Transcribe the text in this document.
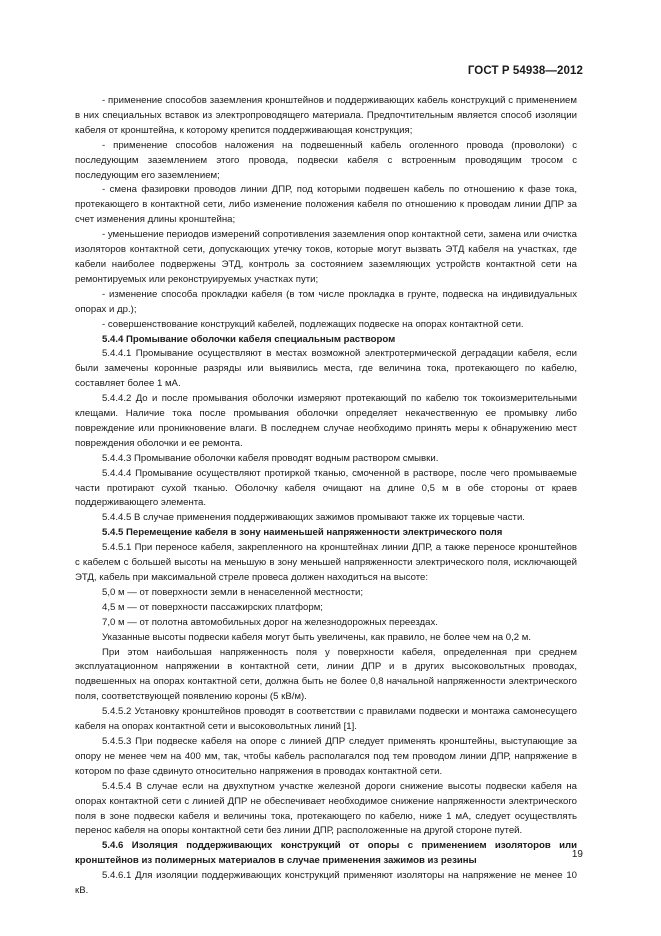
ГОСТ Р 54938—2012

- применение способов заземления кронштейнов и поддерживающих кабель конструкций с применением в них специальных вставок из электропроводящего материала. Предпочтительным является способ изоляции кабеля от кронштейна, к которому крепится поддерживающая конструкция;

- применение способов наложения на подвешенный кабель оголенного провода (проволоки) с последующим заземлением этого провода, подвески кабеля с встроенным проводящим тросом с последующим его заземлением;

- смена фазировки проводов линии ДПР, под которыми подвешен кабель по отношению к фазе тока, протекающего в контактной сети, либо изменение положения кабеля по отношению к проводам линии ДПР за счет изменения длины кронштейна;

- уменьшение периодов измерений сопротивления заземления опор контактной сети, замена или очистка изоляторов контактной сети, допускающих утечку токов, которые могут вызвать ЭТД кабеля на участках, где кабели наиболее подвержены ЭТД, контроль за состоянием заземляющих устройств контактной сети на ремонтируемых или реконструируемых участках пути;

- изменение способа прокладки кабеля (в том числе прокладка в грунте, подвеска на индивидуальных опорах и др.);

- совершенствование конструкций кабелей, подлежащих подвеске на опорах контактной сети.

5.4.4 Промывание оболочки кабеля специальным раствором

5.4.4.1 Промывание осуществляют в местах возможной электротермической деградации кабеля, если были замечены коронные разряды или выявились места, где величина тока, протекающего по кабелю, составляет более 1 мА.

5.4.4.2 До и после промывания оболочки измеряют протекающий по кабелю ток токоизмерительными клещами. Наличие тока после промывания оболочки определяет некачественную ее промывку либо повреждение или проникновение влаги. В последнем случае необходимо принять меры к обнаружению мест повреждения оболочки и ее ремонта.

5.4.4.3 Промывание оболочки кабеля проводят водным раствором смывки.

5.4.4.4 Промывание осуществляют протиркой тканью, смоченной в растворе, после чего промываемые части протирают сухой тканью. Оболочку кабеля очищают на длине 0,5 м в обе стороны от краев поддерживающего элемента.

5.4.4.5 В случае применения поддерживающих зажимов промывают также их торцевые части.

5.4.5 Перемещение кабеля в зону наименьшей напряженности электрического поля

5.4.5.1 При переносе кабеля, закрепленного на кронштейнах линии ДПР, а также переносе кронштейнов с кабелем с большей высоты на меньшую в зону меньшей напряженности электрического поля, исключающей ЭТД, кабель при максимальной стреле провеса должен находиться на высоте:

5,0 м — от поверхности земли в ненаселенной местности;

4,5 м — от поверхности пассажирских платформ;

7,0 м — от полотна автомобильных дорог на железнодорожных переездах.

Указанные высоты подвески кабеля могут быть увеличены, как правило, не более чем на 0,2 м.

При этом наибольшая напряженность поля у поверхности кабеля, определенная при среднем эксплуатационном напряжении в контактной сети, линии ДПР и в других высоковольтных проводах, подвешенных на опорах контактной сети, должна быть не более 0,8 начальной напряженности электрического поля, соответствующей появлению короны (5 кВ/м).

5.4.5.2 Установку кронштейнов проводят в соответствии с правилами подвески и монтажа самонесущего кабеля на опорах контактной сети и высоковольтных линий [1].

5.4.5.3 При подвеске кабеля на опоре с линией ДПР следует применять кронштейны, выступающие за опору не менее чем на 400 мм, так, чтобы кабель располагался под тем проводом линии ДПР, напряжение в котором по фазе сдвинуто относительно напряжения в проводах контактной сети.

5.4.5.4 В случае если на двухпутном участке железной дороги снижение высоты подвески кабеля на опорах контактной сети с линией ДПР не обеспечивает необходимое снижение напряженности электрического поля в зоне подвески кабеля и величины тока, протекающего по кабелю, ниже 1 мА, следует осуществлять перенос кабеля на опоры контактной сети без линии ДПР, расположенные на другой стороне путей.

5.4.6 Изоляция поддерживающих конструкций от опоры с применением изоляторов или кронштейнов из полимерных материалов в случае применения зажимов из резины

5.4.6.1 Для изоляции поддерживающих конструкций применяют изоляторы на напряжение не менее 10 кВ.

19
